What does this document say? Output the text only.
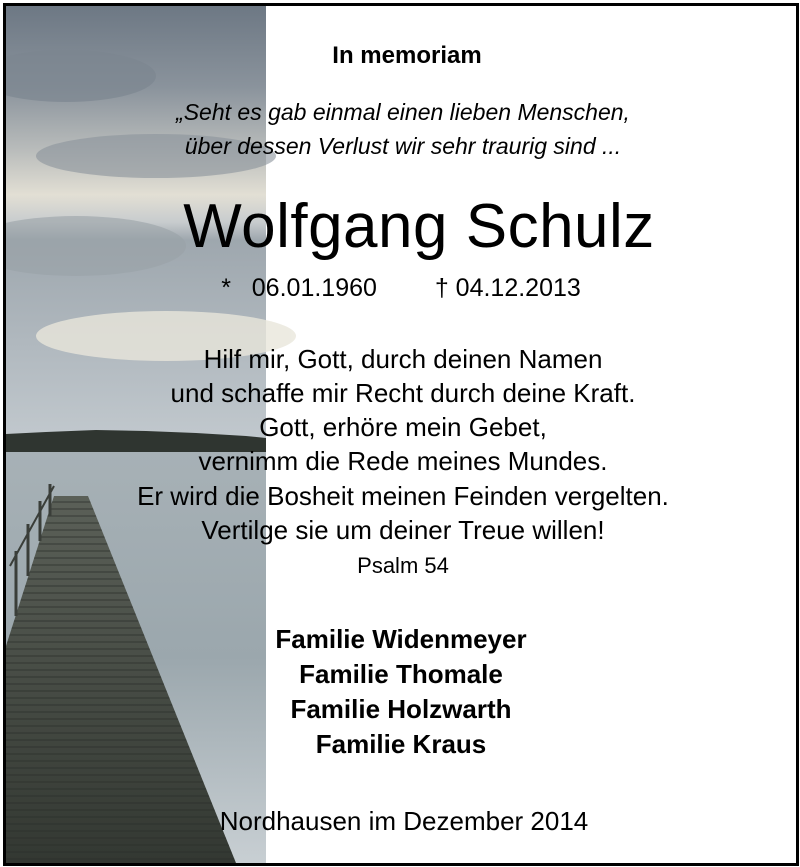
In memoriam

„Seht es gab einmal einen lieben Menschen,

über dessen Verlust wir sehr traurig sind ...

Wolfgang Schulz

* 06.01.1960 † 04.12.2013

Hilf mir, Gott, durch deinen Namen

und schaffe mir Recht durch deine Kraft.

Gott, erhöre mein Gebet,

vernimm die Rede meines Mundes.

Er wird die Bosheit meinen Feinden vergelten.

Vertilge sie um deiner Treue willen!

Psalm 54

Familie Widenmeyer

Familie Thomale

Familie Holzwarth

Familie Kraus

Nordhausen im Dezember 2014
